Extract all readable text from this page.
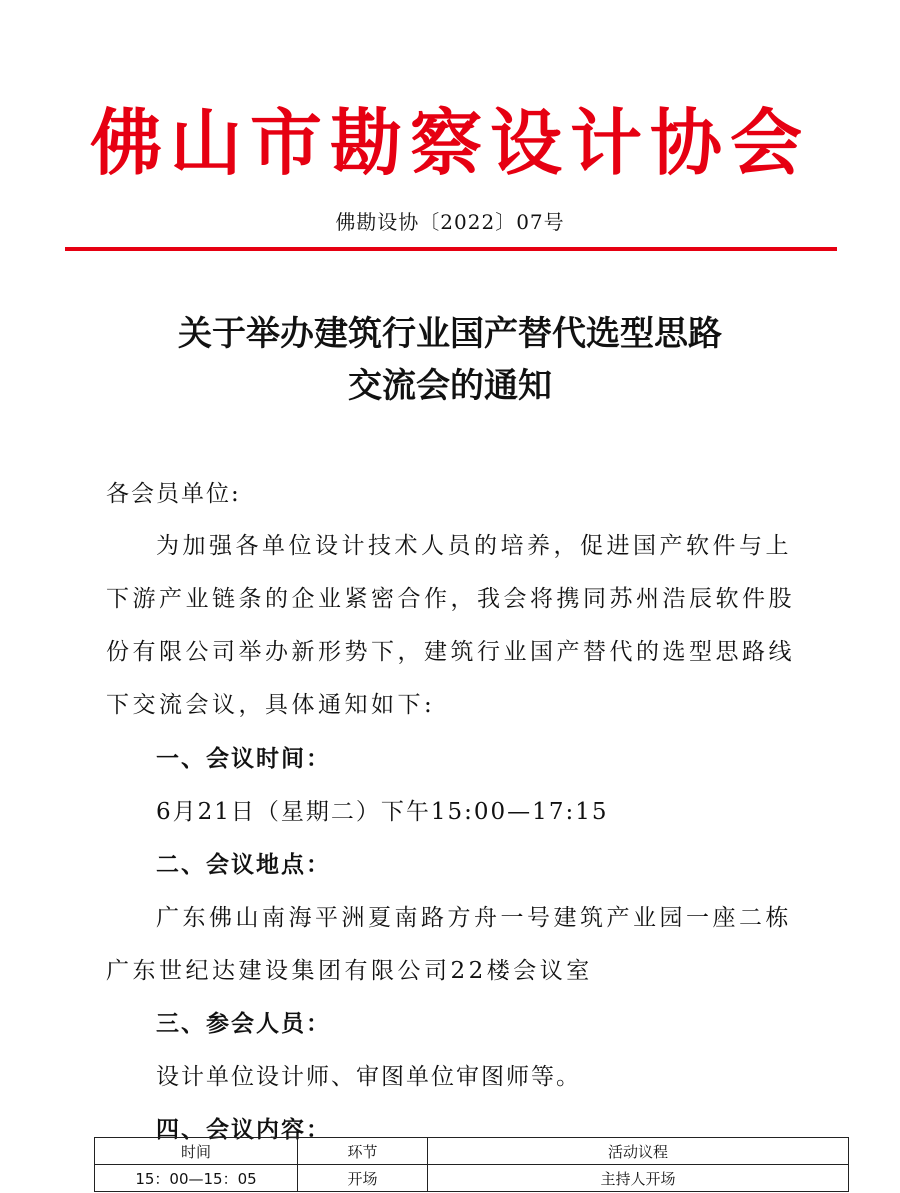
佛山市勘察设计协会
佛勘设协〔2022〕07号
关于举办建筑行业国产替代选型思路
交流会的通知
各会员单位:
为加强各单位设计技术人员的培养，促进国产软件与上下游产业链条的企业紧密合作，我会将携同苏州浩辰软件股份有限公司举办新形势下，建筑行业国产替代的选型思路线下交流会议，具体通知如下:
一、会议时间：
6月21日（星期二）下午15:00—17:15
二、会议地点：
广东佛山南海平洲夏南路方舟一号建筑产业园一座二栋广东世纪达建设集团有限公司22楼会议室
三、参会人员：
设计单位设计师、审图单位审图师等。
四、会议内容：
时间	环节	活动议程
15：00—15：05	开场	主持人开场
